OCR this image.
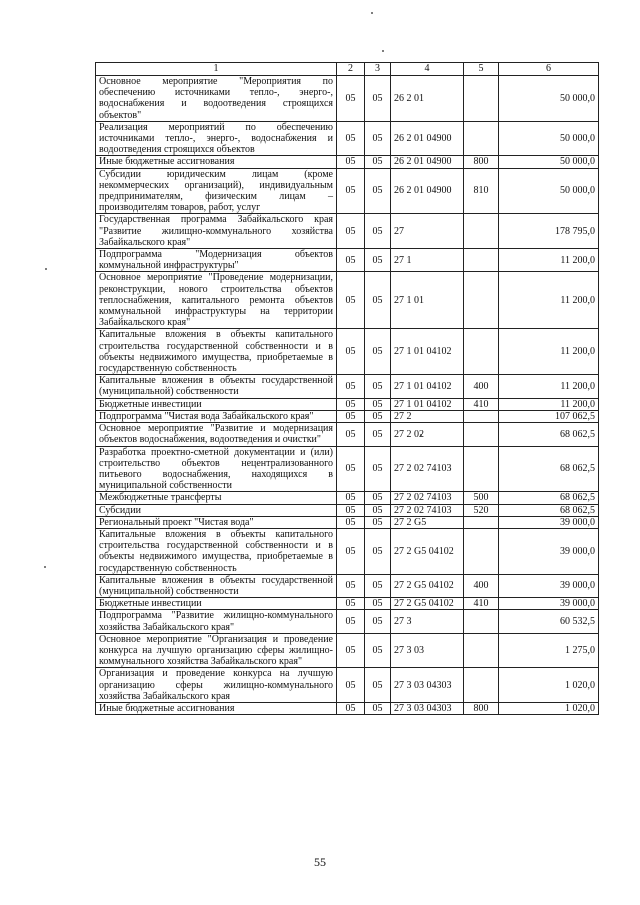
1	2	3	4	5	6
Основное мероприятие "Мероприятия по обеспечению источниками тепло-, энерго-, водоснабжения и водоотведения строящихся объектов"	05	05	26 2 01		50 000,0
Реализация мероприятий по обеспечению источниками тепло-, энерго-, водоснабжения и водоотведения строящихся объектов	05	05	26 2 01 04900		50 000,0
Иные бюджетные ассигнования	05	05	26 2 01 04900	800	50 000,0
Субсидии юридическим лицам (кроме некоммерческих организаций), индивидуальным предпринимателям, физическим лицам – производителям товаров, работ, услуг	05	05	26 2 01 04900	810	50 000,0
Государственная программа Забайкальского края "Развитие жилищно-коммунального хозяйства Забайкальского края"	05	05	27		178 795,0
Подпрограмма "Модернизация объектов коммунальной инфраструктуры"	05	05	27 1		11 200,0
Основное мероприятие "Проведение модернизации, реконструкции, нового строительства объектов теплоснабжения, капитального ремонта объектов коммунальной инфраструктуры на территории Забайкальского края"	05	05	27 1 01		11 200,0
Капитальные вложения в объекты капитального строительства государственной собственности и в объекты недвижимого имущества, приобретаемые в государственную собственность	05	05	27 1 01 04102		11 200,0
Капитальные вложения в объекты государственной (муниципальной) собственности	05	05	27 1 01 04102	400	11 200,0
Бюджетные инвестиции	05	05	27 1 01 04102	410	11 200,0
Подпрограмма "Чистая вода Забайкальского края"	05	05	27 2		107 062,5
Основное мероприятие "Развитие и модернизация объектов водоснабжения, водоотведения и очистки"	05	05	27 2 02		68 062,5
Разработка проектно-сметной документации и (или) строительство объектов нецентрализованного питьевого водоснабжения, находящихся в муниципальной собственности	05	05	27 2 02 74103		68 062,5
Межбюджетные трансферты	05	05	27 2 02 74103	500	68 062,5
Субсидии	05	05	27 2 02 74103	520	68 062,5
Региональный проект "Чистая вода"	05	05	27 2 G5		39 000,0
Капитальные вложения в объекты капитального строительства государственной собственности и в объекты недвижимого имущества, приобретаемые в государственную собственность	05	05	27 2 G5 04102		39 000,0
Капитальные вложения в объекты государственной (муниципальной) собственности	05	05	27 2 G5 04102	400	39 000,0
Бюджетные инвестиции	05	05	27 2 G5 04102	410	39 000,0
Подпрограмма "Развитие жилищно-коммунального хозяйства Забайкальского края"	05	05	27 3		60 532,5
Основное мероприятие "Организация и проведение конкурса на лучшую организацию сферы жилищно-коммунального хозяйства Забайкальского края"	05	05	27 3 03		1 275,0
Организация и проведение конкурса на лучшую организацию сферы жилищно-коммунального хозяйства Забайкальского края	05	05	27 3 03 04303		1 020,0
Иные бюджетные ассигнования	05	05	27 3 03 04303	800	1 020,0
55
